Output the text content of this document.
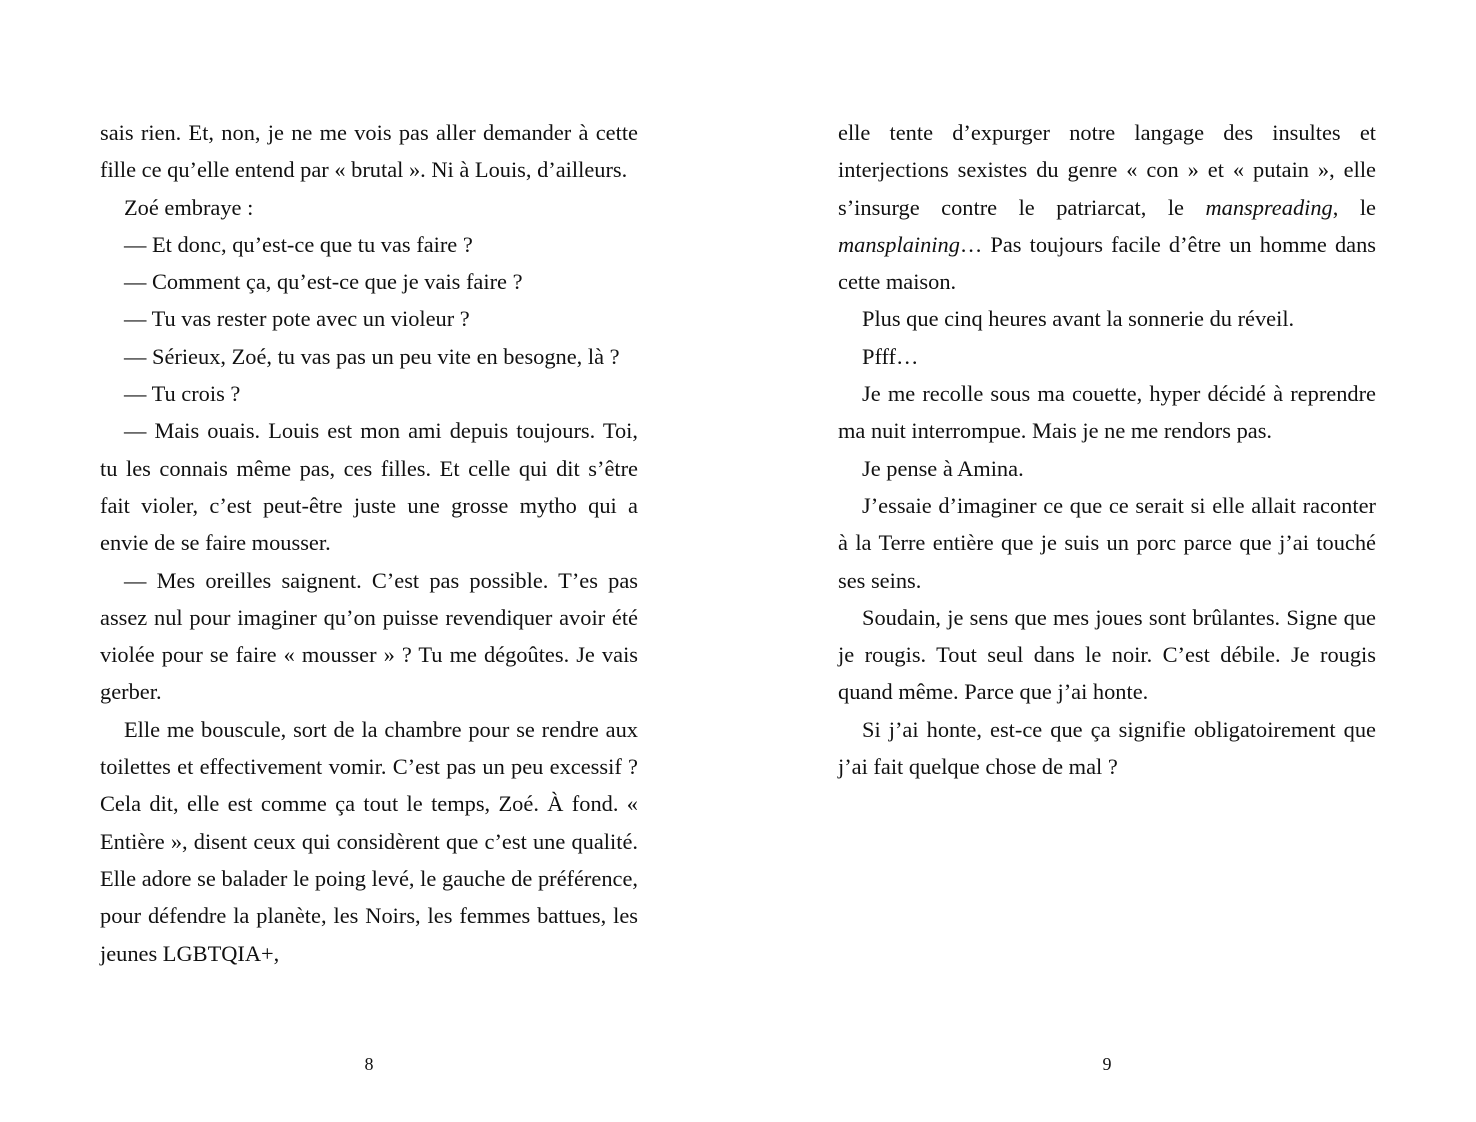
sais rien. Et, non, je ne me vois pas aller demander à cette fille ce qu’elle entend par « brutal ». Ni à Louis, d’ailleurs.

Zoé embraye :

— Et donc, qu’est-ce que tu vas faire ?

— Comment ça, qu’est-ce que je vais faire ?

— Tu vas rester pote avec un violeur ?

— Sérieux, Zoé, tu vas pas un peu vite en besogne, là ?

— Tu crois ?

— Mais ouais. Louis est mon ami depuis toujours. Toi, tu les connais même pas, ces filles. Et celle qui dit s’être fait violer, c’est peut-être juste une grosse mytho qui a envie de se faire mousser.

— Mes oreilles saignent. C’est pas possible. T’es pas assez nul pour imaginer qu’on puisse revendiquer avoir été violée pour se faire « mousser » ? Tu me dégoûtes. Je vais gerber.

Elle me bouscule, sort de la chambre pour se rendre aux toilettes et effectivement vomir. C’est pas un peu excessif ? Cela dit, elle est comme ça tout le temps, Zoé. À fond. « Entière », disent ceux qui considèrent que c’est une qualité. Elle adore se balader le poing levé, le gauche de préférence, pour défendre la planète, les Noirs, les femmes battues, les jeunes LGBTQIA+,

8

elle tente d’expurger notre langage des insultes et interjections sexistes du genre « con » et « putain », elle s’insurge contre le patriarcat, le manspreading, le mansplaining… Pas toujours facile d’être un homme dans cette maison.

Plus que cinq heures avant la sonnerie du réveil.

Pfff…

Je me recolle sous ma couette, hyper décidé à reprendre ma nuit interrompue. Mais je ne me rendors pas.

Je pense à Amina.

J’essaie d’imaginer ce que ce serait si elle allait raconter à la Terre entière que je suis un porc parce que j’ai touché ses seins.

Soudain, je sens que mes joues sont brûlantes. Signe que je rougis. Tout seul dans le noir. C’est débile. Je rougis quand même. Parce que j’ai honte.

Si j’ai honte, est-ce que ça signifie obligatoirement que j’ai fait quelque chose de mal ?

9
